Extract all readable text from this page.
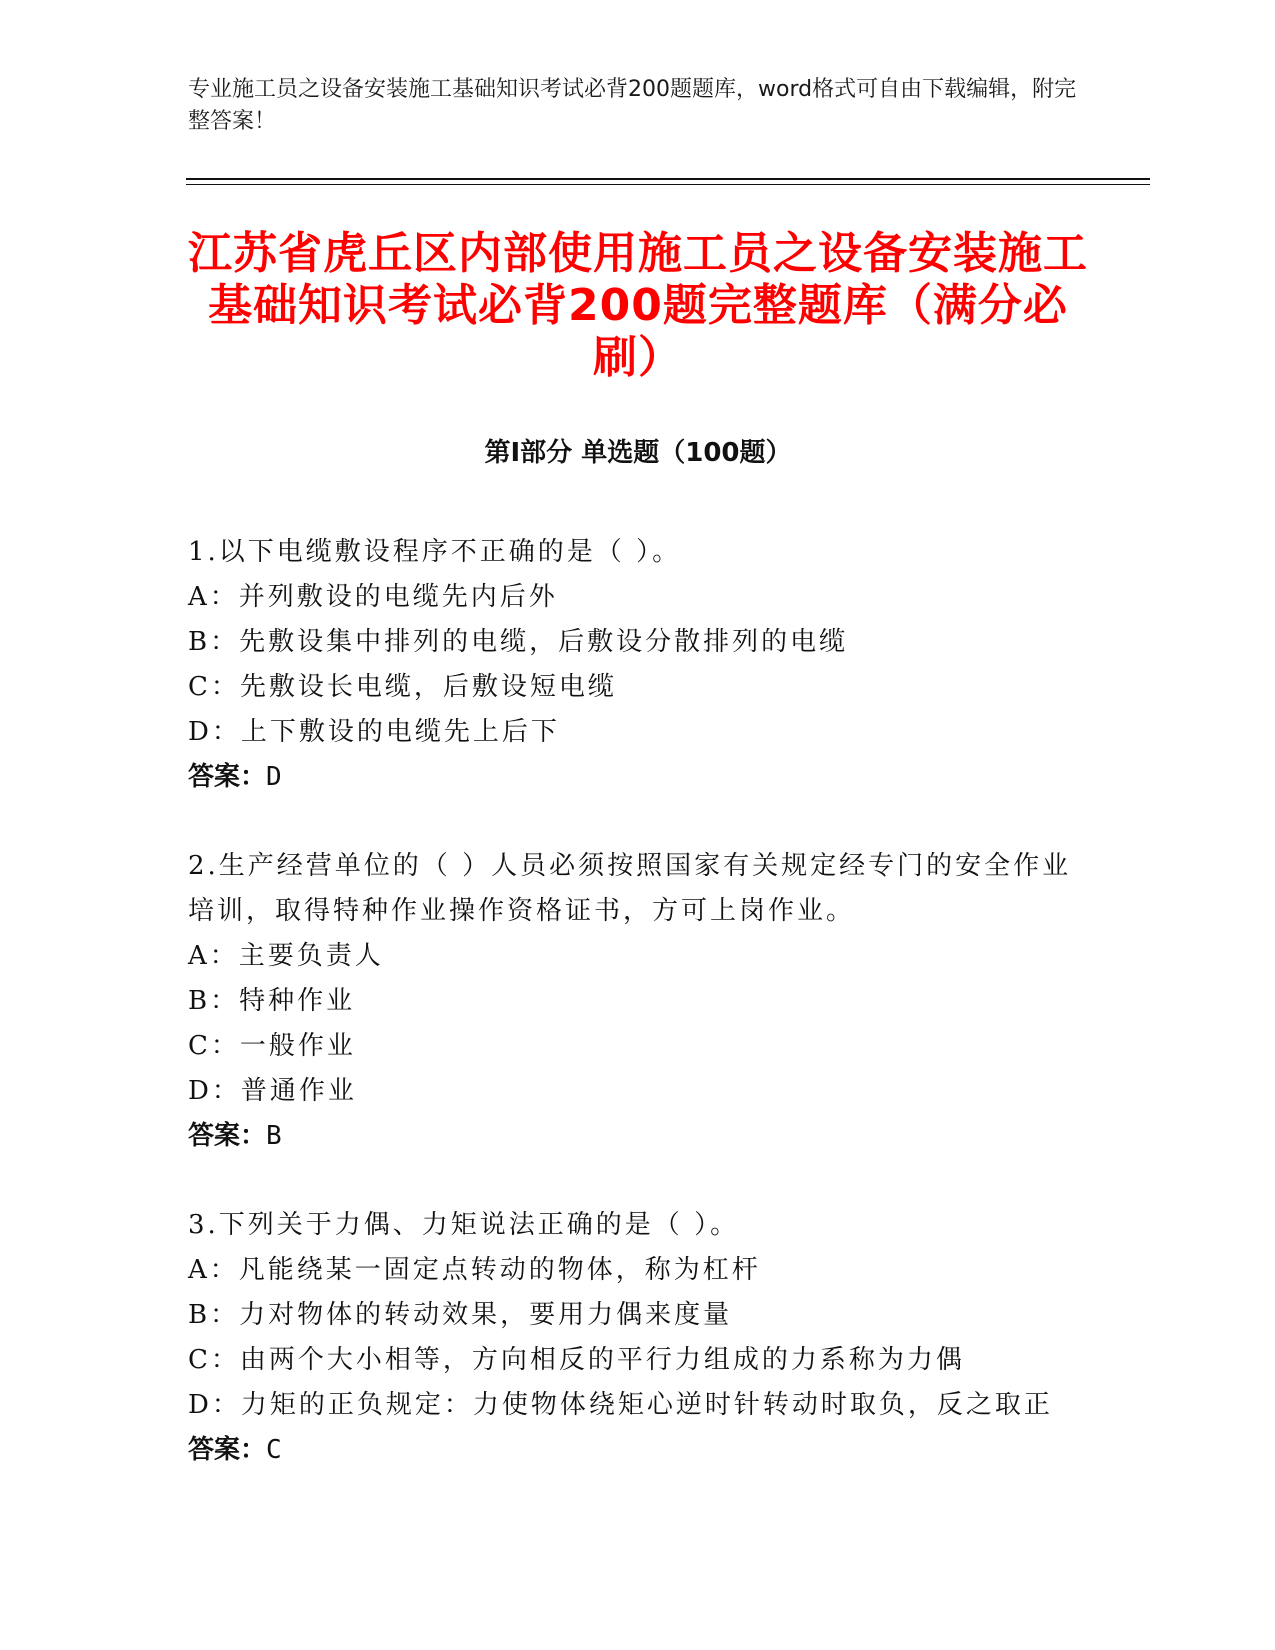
专业施工员之设备安装施工基础知识考试必背200题题库，word格式可自由下载编辑，附完整答案！
江苏省虎丘区内部使用施工员之设备安装施工基础知识考试必背200题完整题库（满分必刷）
第I部分 单选题（100题）

1.以下电缆敷设程序不正确的是（ ）。

A：并列敷设的电缆先内后外

B：先敷设集中排列的电缆，后敷设分散排列的电缆

C：先敷设长电缆，后敷设短电缆

D：上下敷设的电缆先上后下

答案：D

2.生产经营单位的（ ）人员必须按照国家有关规定经专门的安全作业培训，取得特种作业操作资格证书，方可上岗作业。

A：主要负责人

B：特种作业

C：一般作业

D：普通作业

答案：B

3.下列关于力偶、力矩说法正确的是（ ）。

A：凡能绕某一固定点转动的物体，称为杠杆

B：力对物体的转动效果，要用力偶来度量

C：由两个大小相等，方向相反的平行力组成的力系称为力偶

D：力矩的正负规定：力使物体绕矩心逆时针转动时取负，反之取正

答案：C
